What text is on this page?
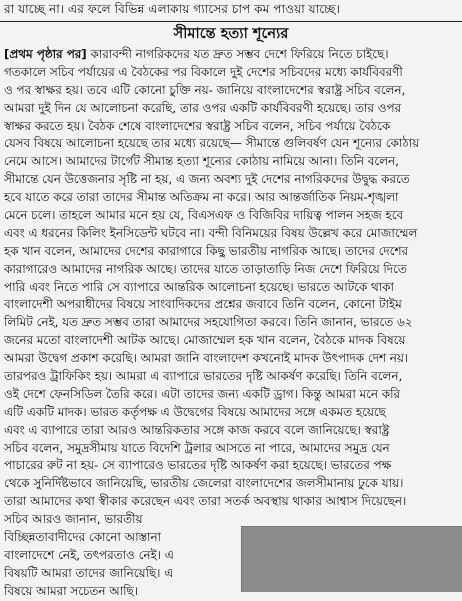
রা যাচ্ছে না। এর ফলে বিভিন্ন এলাকায় গ্যাসের চাপ কম পাওয়া যাচ্ছে।
সীমান্তে হত্যা শূন্যের
[প্রথম পৃষ্ঠার পর] কারাবন্দী নাগরিকদের যত দ্রুত সম্ভব দেশে ফিরিয়ে নিতে চাইছে।
গতকালে সচিব পর্যায়ের এ বৈঠকের পর বিকালে দুই দেশের সচিবদের মধ্যে কার্যবিবরণী
ও পর স্বাক্ষর হয়। তবে এটি কোনো চুক্তি নয়- জানিয়ে বাংলাদেশের স্বরাষ্ট্র সচিব বলেন,
আমরা দুই দিন যে আলোচনা করেছি, তার ওপর একটি কার্যবিবরণী হয়েছে। তার ওপর
স্বাক্ষর করতে হয়। বৈঠক শেষে বাংলাদেশের স্বরাষ্ট্র সচিব বলেন, সচিব পর্যায়ে বৈঠকে
যেসব বিষয়ে আলোচনা হয়েছে তার মধ্যে রয়েছে— সীমান্তে গুলিবর্ষণ যেন শূন্যের কোঠায়
নেমে আসে। আমাদের টার্গেট সীমান্ত হত্যা শূন্যের কোঠায় নামিয়ে আনা। তিনি বলেন,
সীমান্তে যেন উত্তেজনার সৃষ্টি না হয়, এ জন্য অবশ্য দুই দেশের নাগরিকদের উদ্বুদ্ধ করতে
হবে যাতে করে তারা তাদের সীমান্ত অতিক্রম না করে। আর আন্তর্জাতিক নিয়ম-শৃঙ্খলা
মেনে চলে। তাহলে আমার মনে হয় যে, বিএসএফ ও বিজিবির দায়িত্ব পালন সহজ হবে
এবং এ ধরনের কিলিং ইনসিডেন্ট ঘটবে না। বন্দী বিনিময়ের বিষয় উল্লেখ করে মোজাম্মেল
হক খান বলেন, আমাদের দেশের কারাগারে কিছু ভারতীয় নাগরিক আছে। তাদের দেশের
কারাগারেও আমাদের নাগরিক আছে। তাদের যাতে তাড়াতাড়ি নিজ দেশে ফিরিয়ে দিতে
পারি এবং নিতে পারি সে ব্যাপারে আন্তরিক আলোচনা হয়েছে। ভারতে আটকে থাকা
বাংলাদেশী অপরাধীদের বিষয়ে সাংবাদিকদের প্রশ্নের জবাবে তিনি বলেন, কোনো টাইম
লিমিট নেই, যত দ্রুত সম্ভব তারা আমাদের সহযোগিতা করবে। তিনি জানান, ভারতে ৬২
জনের মতো বাংলাদেশী আটক আছে। মোজাম্মেল হক খান বলেন, বৈঠকে মাদক বিষয়ে
আমরা উদ্বেগ প্রকাশ করেছি। আমরা জানি বাংলাদেশ কখনোই মাদক উৎপাদক দেশ নয়।
তারপরও ট্রাফিকিং হয়। আমরা এ ব্যাপারে ভারতের দৃষ্টি আকর্ষণ করেছি। তিনি বলেন,
ওই দেশে ফেনসিডিল তৈরি করে। এটা তাদের জন্য একটি ড্রাগ। কিন্তু আমরা মনে করি
এটি একটি মাদক। ভারত কর্তৃপক্ষ এ উদ্বেগের বিষয়ে আমাদের সঙ্গে একমত হয়েছে
এবং এ ব্যাপারে তারা আরও আন্তরিকতার সঙ্গে কাজ করবে বলে জানিয়েছে। স্বরাষ্ট্র
সচিব বলেন, সমুদ্রসীমায় যাতে বিদেশি ট্রলার আসতে না পারে, আমাদের সমুদ্র যেন
পাচারের রুট না হয়- সে ব্যাপারেও ভারতের দৃষ্টি আকর্ষণ করা হয়েছে। ভারতের পক্ষ
থেকে সুনির্দিষ্টভাবে জানিয়েছি, ভারতীয় জেলেরা বাংলাদেশের জলসীমানায় ঢুকে যায়।
তারা আমাদের কথা স্বীকার করেছেন এবং তারা সতর্ক অবস্থায় থাকার আশ্বাস দিয়েছেন।
সচিব আরও জানান, ভারতীয়
বিচ্ছিন্নতাবাদীদের কোনো আস্তানা
বাংলাদেশে নেই, তৎপরতাও নেই। এ
বিষয়টি আমরা তাদের জানিয়েছি। এ
বিষয়ে আমরা সচেতন আছি।
